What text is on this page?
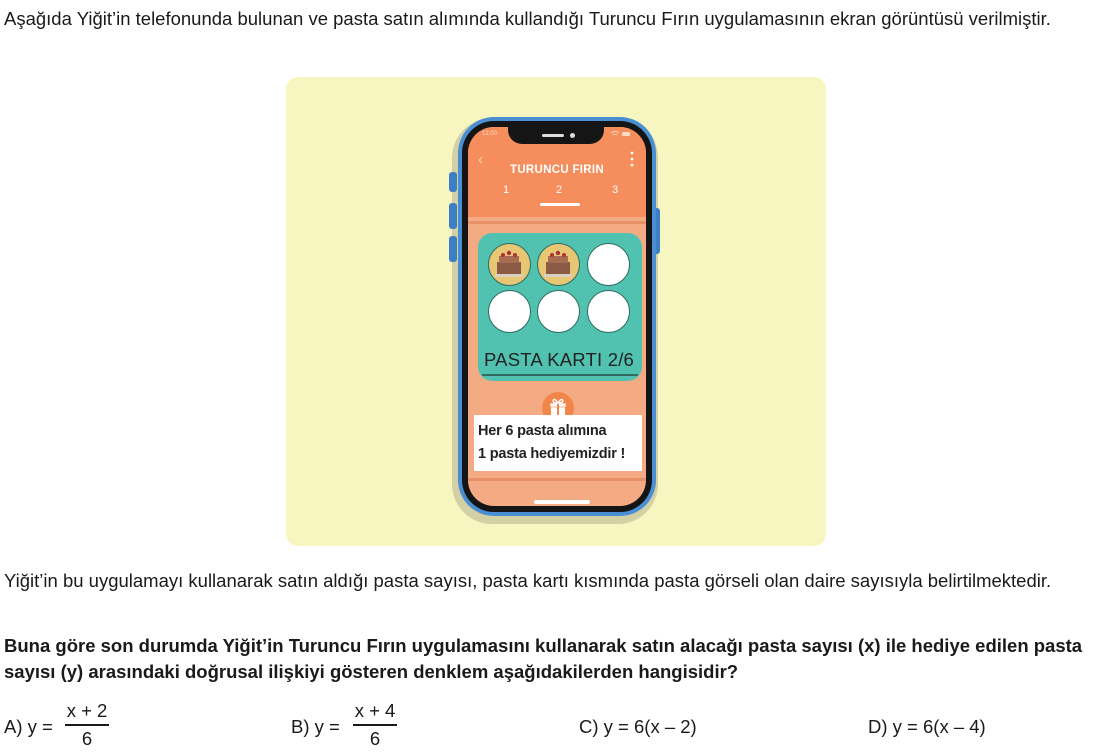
Aşağıda Yiğit’in telefonunda bulunan ve pasta satın alımında kullandığı Turuncu Fırın uygulamasının ekran görüntüsü verilmiştir.

12:00
‹
TURUNCU FIRIN
1	2	3
PASTA KARTI 2/6
Her 6 pasta alımına
1 pasta hediyemizdir !

Yiğit’in bu uygulamayı kullanarak satın aldığı pasta sayısı, pasta kartı kısmında pasta görseli olan daire sayısıyla belirtilmektedir.

Buna göre son durumda Yiğit’in Turuncu Fırın uygulamasını kullanarak satın alacağı pasta sayısı (x) ile hediye edilen pasta sayısı (y) arasındaki doğrusal ilişkiyi gösteren denklem aşağıdakilerden hangisidir?

A) y =
x + 2
6
B) y =
x + 4
6
C) y = 6(x – 2)	D) y = 6(x – 4)
